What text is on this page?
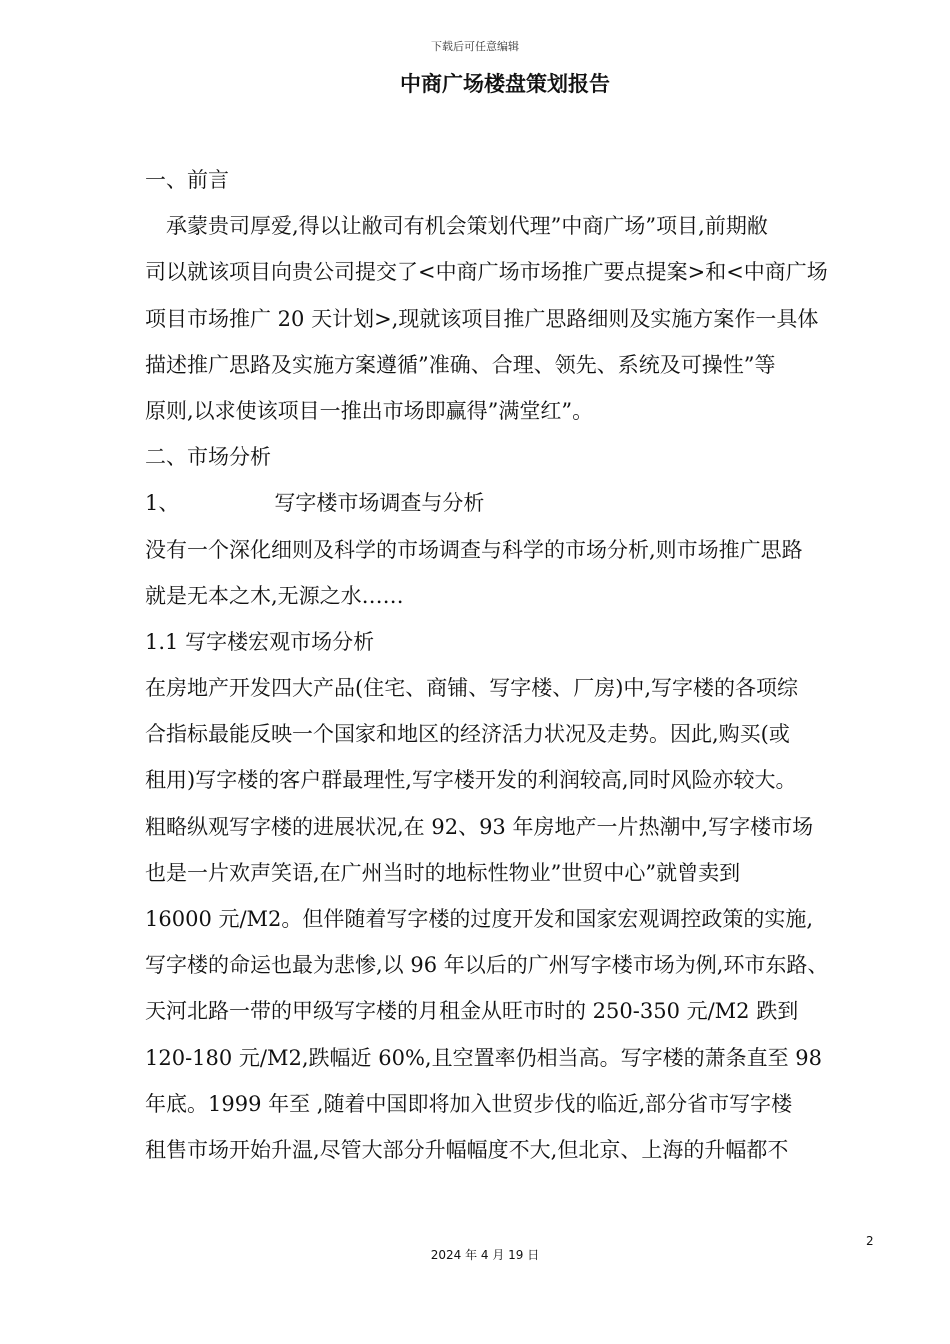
下载后可任意编辑
中商广场楼盘策划报告
一、前言
承蒙贵司厚爱,得以让敝司有机会策划代理”中商广场”项目,前期敝
司以就该项目向贵公司提交了<中商广场市场推广要点提案>和<中商广场
项目市场推广 20 天计划>,现就该项目推广思路细则及实施方案作一具体
描述推广思路及实施方案遵循”准确、合理、领先、系统及可操性”等
原则,以求使该项目一推出市场即赢得”满堂红”。
二、市场分析
1、	写字楼市场调查与分析
没有一个深化细则及科学的市场调查与科学的市场分析,则市场推广思路
就是无本之木,无源之水……
1.1 写字楼宏观市场分析
在房地产开发四大产品(住宅、商铺、写字楼、厂房)中,写字楼的各项综
合指标最能反映一个国家和地区的经济活力状况及走势。因此,购买(或
租用)写字楼的客户群最理性,写字楼开发的利润较高,同时风险亦较大。
粗略纵观写字楼的进展状况,在 92、93 年房地产一片热潮中,写字楼市场
也是一片欢声笑语,在广州当时的地标性物业”世贸中心”就曾卖到
16000 元/M2。但伴随着写字楼的过度开发和国家宏观调控政策的实施,
写字楼的命运也最为悲惨,以 96 年以后的广州写字楼市场为例,环市东路、
天河北路一带的甲级写字楼的月租金从旺市时的 250-350 元/M2 跌到
120-180 元/M2,跌幅近 60%,且空置率仍相当高。写字楼的萧条直至 98
年底。1999 年至 ,随着中国即将加入世贸步伐的临近,部分省市写字楼
租售市场开始升温,尽管大部分升幅幅度不大,但北京、上海的升幅都不
2
2024 年 4 月 19 日
